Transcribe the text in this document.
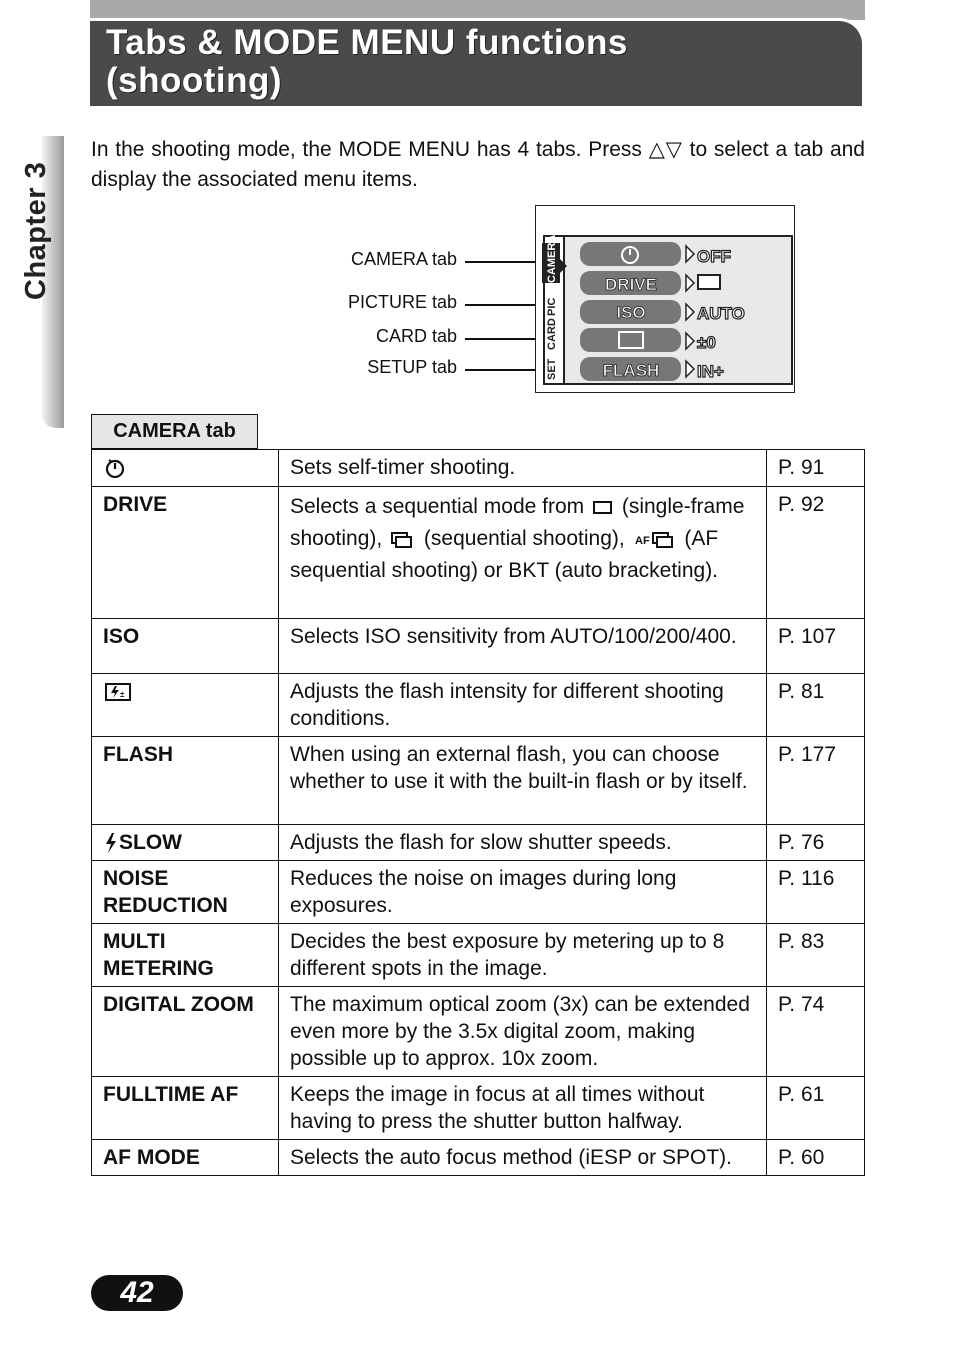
Tabs & MODE MENU functions
(shooting)
Chapter 3
In the shooting mode, the MODE MENU has 4 tabs. Press △▽ to select a tab and display the associated menu items.
CAMERA tab
PICTURE tab
CARD tab
SETUP tab
CAMERA
PIC
CARD
SET
DRIVE
ISO
FLASH
OFF
AUTO
±0
IN+
CAMERA tab
	Sets self-timer shooting.	P. 91
DRIVE	Selects a sequential mode from (single-frame shooting), (sequential shooting), AF (AF sequential shooting) or BKT (auto bracketing).	P. 92
ISO	Selects ISO sensitivity from AUTO/100/200/400.	P. 107

±	Adjusts the flash intensity for different shooting conditions.	P. 81
FLASH	When using an external flash, you can choose whether to use it with the built-in flash or by itself.	P. 177
SLOW	Adjusts the flash for slow shutter speeds.	P. 76
NOISE REDUCTION	Reduces the noise on images during long exposures.	P. 116
MULTI METERING	Decides the best exposure by metering up to 8 different spots in the image.	P. 83
DIGITAL ZOOM	The maximum optical zoom (3x) can be extended even more by the 3.5x digital zoom, making possible up to approx. 10x zoom.	P. 74
FULLTIME AF	Keeps the image in focus at all times without having to press the shutter button halfway.	P. 61
AF MODE	Selects the auto focus method (iESP or SPOT).	P. 60
42
